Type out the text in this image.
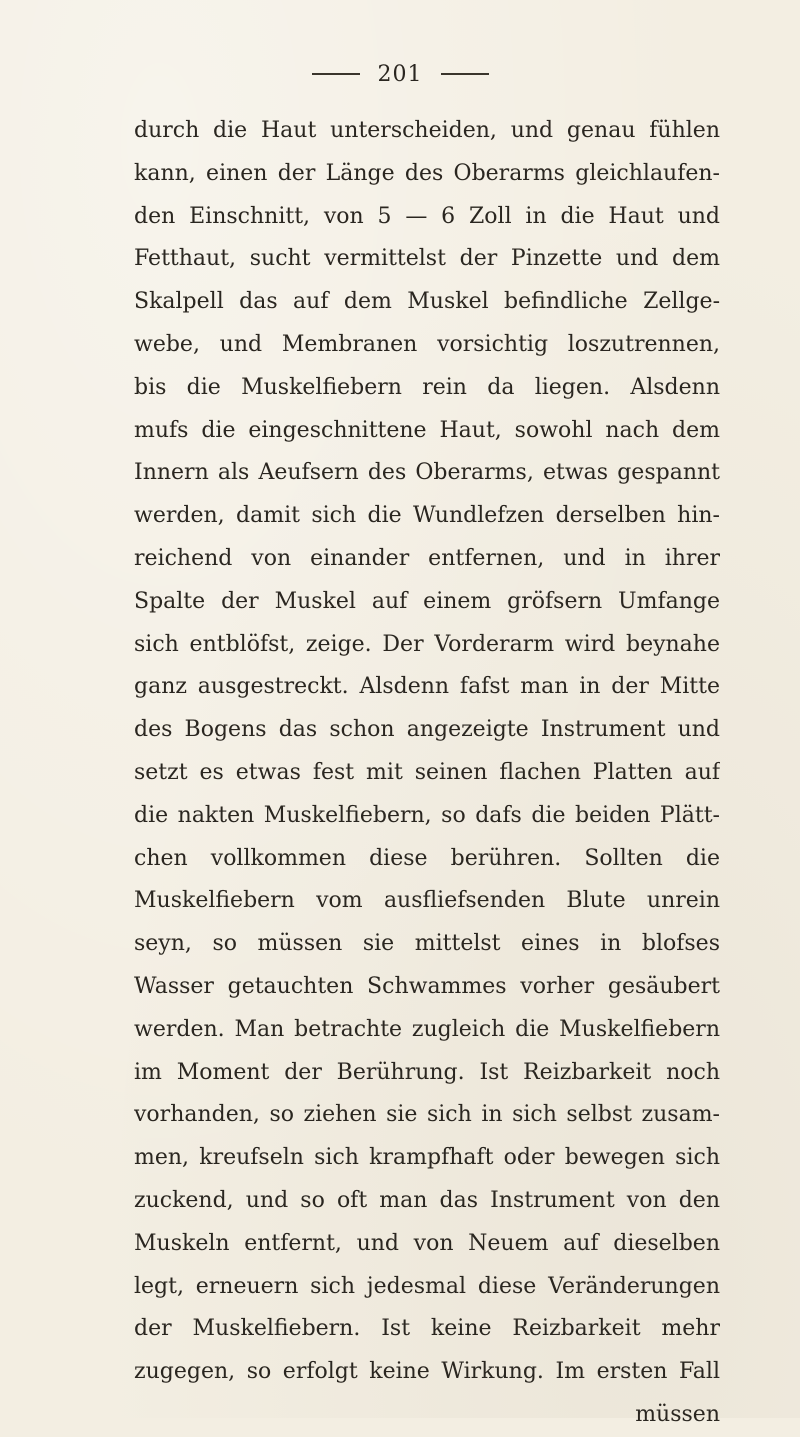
201
durch die Haut unterscheiden, und genau fühlen
kann, einen der Länge des Oberarms gleichlaufen-
den Einschnitt, von 5 — 6 Zoll in die Haut und
Fetthaut, sucht vermittelst der Pinzette und dem
Skalpell das auf dem Muskel befindliche Zellge-
webe, und Membranen vorsichtig loszutrennen,
bis die Muskelfiebern rein da liegen. Alsdenn
mufs die eingeschnittene Haut, sowohl nach dem
Innern als Aeufsern des Oberarms, etwas gespannt
werden, damit sich die Wundlefzen derselben hin-
reichend von einander entfernen, und in ihrer
Spalte der Muskel auf einem gröfsern Umfange
sich entblöfst, zeige. Der Vorderarm wird beynahe
ganz ausgestreckt. Alsdenn fafst man in der Mitte
des Bogens das schon angezeigte Instrument und
setzt es etwas fest mit seinen flachen Platten auf
die nakten Muskelfiebern, so dafs die beiden Plätt-
chen vollkommen diese berühren. Sollten die
Muskelfiebern vom ausfliefsenden Blute unrein
seyn, so müssen sie mittelst eines in blofses
Wasser getauchten Schwammes vorher gesäubert
werden. Man betrachte zugleich die Muskelfiebern
im Moment der Berührung. Ist Reizbarkeit noch
vorhanden, so ziehen sie sich in sich selbst zusam-
men, kreufseln sich krampfhaft oder bewegen sich
zuckend, und so oft man das Instrument von den
Muskeln entfernt, und von Neuem auf dieselben
legt, erneuern sich jedesmal diese Veränderungen
der Muskelfiebern. Ist keine Reizbarkeit mehr
zugegen, so erfolgt keine Wirkung. Im ersten Fall
müssen
